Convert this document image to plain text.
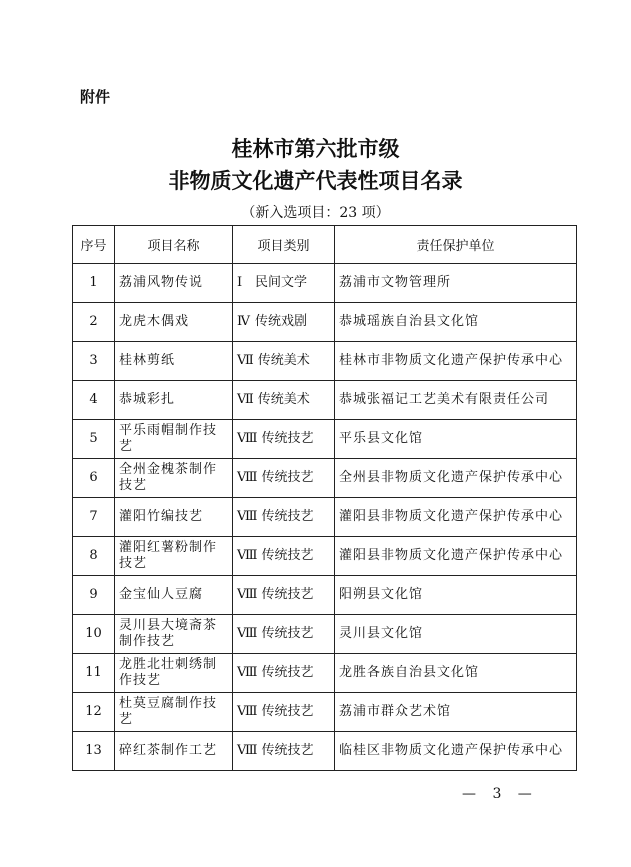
附件
桂林市第六批市级
非物质文化遗产代表性项目名录
（新入选项目：23 项）
序号	项目名称	项目类别	责任保护单位
1	荔浦风物传说	Ⅰ 民间文学	荔浦市文物管理所
2	龙虎木偶戏	Ⅳ 传统戏剧	恭城瑶族自治县文化馆
3	桂林剪纸	Ⅶ 传统美术	桂林市非物质文化遗产保护传承中心
4	恭城彩扎	Ⅶ 传统美术	恭城张福记工艺美术有限责任公司
5	平乐雨帽制作技艺	Ⅷ 传统技艺	平乐县文化馆
6	全州金槐茶制作技艺	Ⅷ 传统技艺	全州县非物质文化遗产保护传承中心
7	灌阳竹编技艺	Ⅷ 传统技艺	灌阳县非物质文化遗产保护传承中心
8	灌阳红薯粉制作技艺	Ⅷ 传统技艺	灌阳县非物质文化遗产保护传承中心
9	金宝仙人豆腐	Ⅷ 传统技艺	阳朔县文化馆
10	灵川县大境斋茶制作技艺	Ⅷ 传统技艺	灵川县文化馆
11	龙胜北壮刺绣制作技艺	Ⅷ 传统技艺	龙胜各族自治县文化馆
12	杜莫豆腐制作技艺	Ⅷ 传统技艺	荔浦市群众艺术馆
13	碎红茶制作工艺	Ⅷ 传统技艺	临桂区非物质文化遗产保护传承中心
— 3 —
